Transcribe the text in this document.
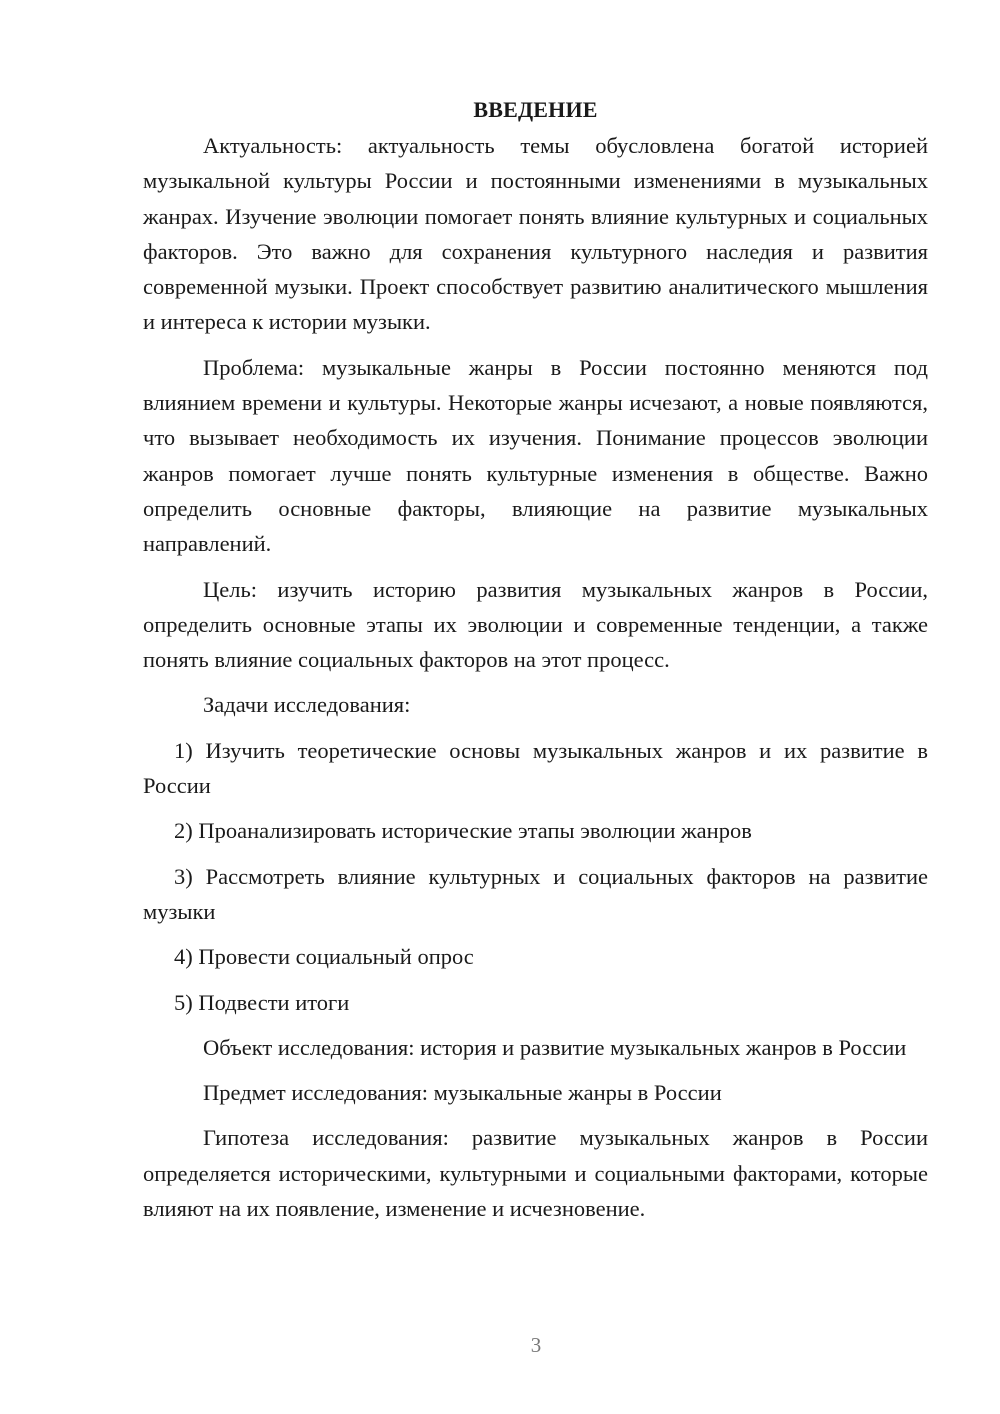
ВВЕДЕНИЕ

Актуальность: актуальность темы обусловлена богатой историей музыкальной культуры России и постоянными изменениями в музыкальных жанрах. Изучение эволюции помогает понять влияние культурных и социальных факторов. Это важно для сохранения культурного наследия и развития современной музыки. Проект способствует развитию аналитического мышления и интереса к истории музыки.

Проблема: музыкальные жанры в России постоянно меняются под влиянием времени и культуры. Некоторые жанры исчезают, а новые появляются, что вызывает необходимость их изучения. Понимание процессов эволюции жанров помогает лучше понять культурные изменения в обществе. Важно определить основные факторы, влияющие на развитие музыкальных направлений.

Цель: изучить историю развития музыкальных жанров в России, определить основные этапы их эволюции и современные тенденции, а также понять влияние социальных факторов на этот процесс.

Задачи исследования:

1) Изучить теоретические основы музыкальных жанров и их развитие в России

2) Проанализировать исторические этапы эволюции жанров

3) Рассмотреть влияние культурных и социальных факторов на развитие музыки

4) Провести социальный опрос

5) Подвести итоги

Объект исследования: история и развитие музыкальных жанров в России

Предмет исследования: музыкальные жанры в России

Гипотеза исследования: развитие музыкальных жанров в России определяется историческими, культурными и социальными факторами, которые влияют на их появление, изменение и исчезновение.

3
